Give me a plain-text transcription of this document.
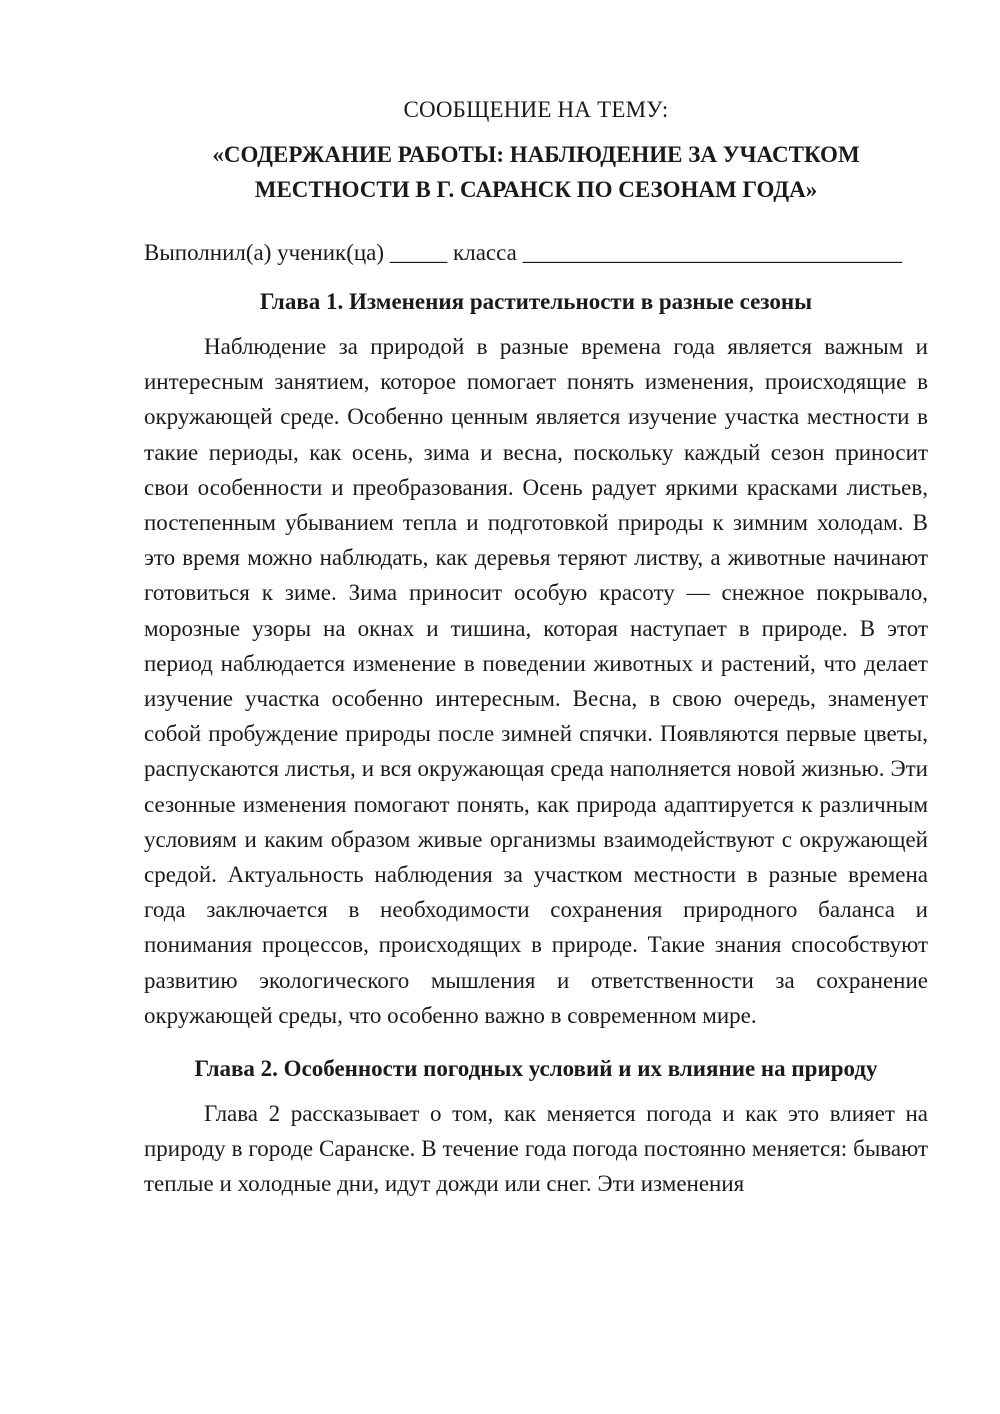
СООБЩЕНИЕ НА ТЕМУ:

«СОДЕРЖАНИЕ РАБОТЫ: НАБЛЮДЕНИЕ ЗА УЧАСТКОМ МЕСТНОСТИ В Г. САРАНСК ПО СЕЗОНАМ ГОДА»

Выполнил(а) ученик(ца) _____ класса _________________________________

Глава 1. Изменения растительности в разные сезоны

Наблюдение за природой в разные времена года является важным и интересным занятием, которое помогает понять изменения, происходящие в окружающей среде. Особенно ценным является изучение участка местности в такие периоды, как осень, зима и весна, поскольку каждый сезон приносит свои особенности и преобразования. Осень радует яркими красками листьев, постепенным убыванием тепла и подготовкой природы к зимним холодам. В это время можно наблюдать, как деревья теряют листву, а животные начинают готовиться к зиме. Зима приносит особую красоту — снежное покрывало, морозные узоры на окнах и тишина, которая наступает в природе. В этот период наблюдается изменение в поведении животных и растений, что делает изучение участка особенно интересным. Весна, в свою очередь, знаменует собой пробуждение природы после зимней спячки. Появляются первые цветы, распускаются листья, и вся окружающая среда наполняется новой жизнью. Эти сезонные изменения помогают понять, как природа адаптируется к различным условиям и каким образом живые организмы взаимодействуют с окружающей средой. Актуальность наблюдения за участком местности в разные времена года заключается в необходимости сохранения природного баланса и понимания процессов, происходящих в природе. Такие знания способствуют развитию экологического мышления и ответственности за сохранение окружающей среды, что особенно важно в современном мире.

Глава 2. Особенности погодных условий и их влияние на природу

Глава 2 рассказывает о том, как меняется погода и как это влияет на природу в городе Саранске. В течение года погода постоянно меняется: бывают теплые и холодные дни, идут дожди или снег. Эти изменения
